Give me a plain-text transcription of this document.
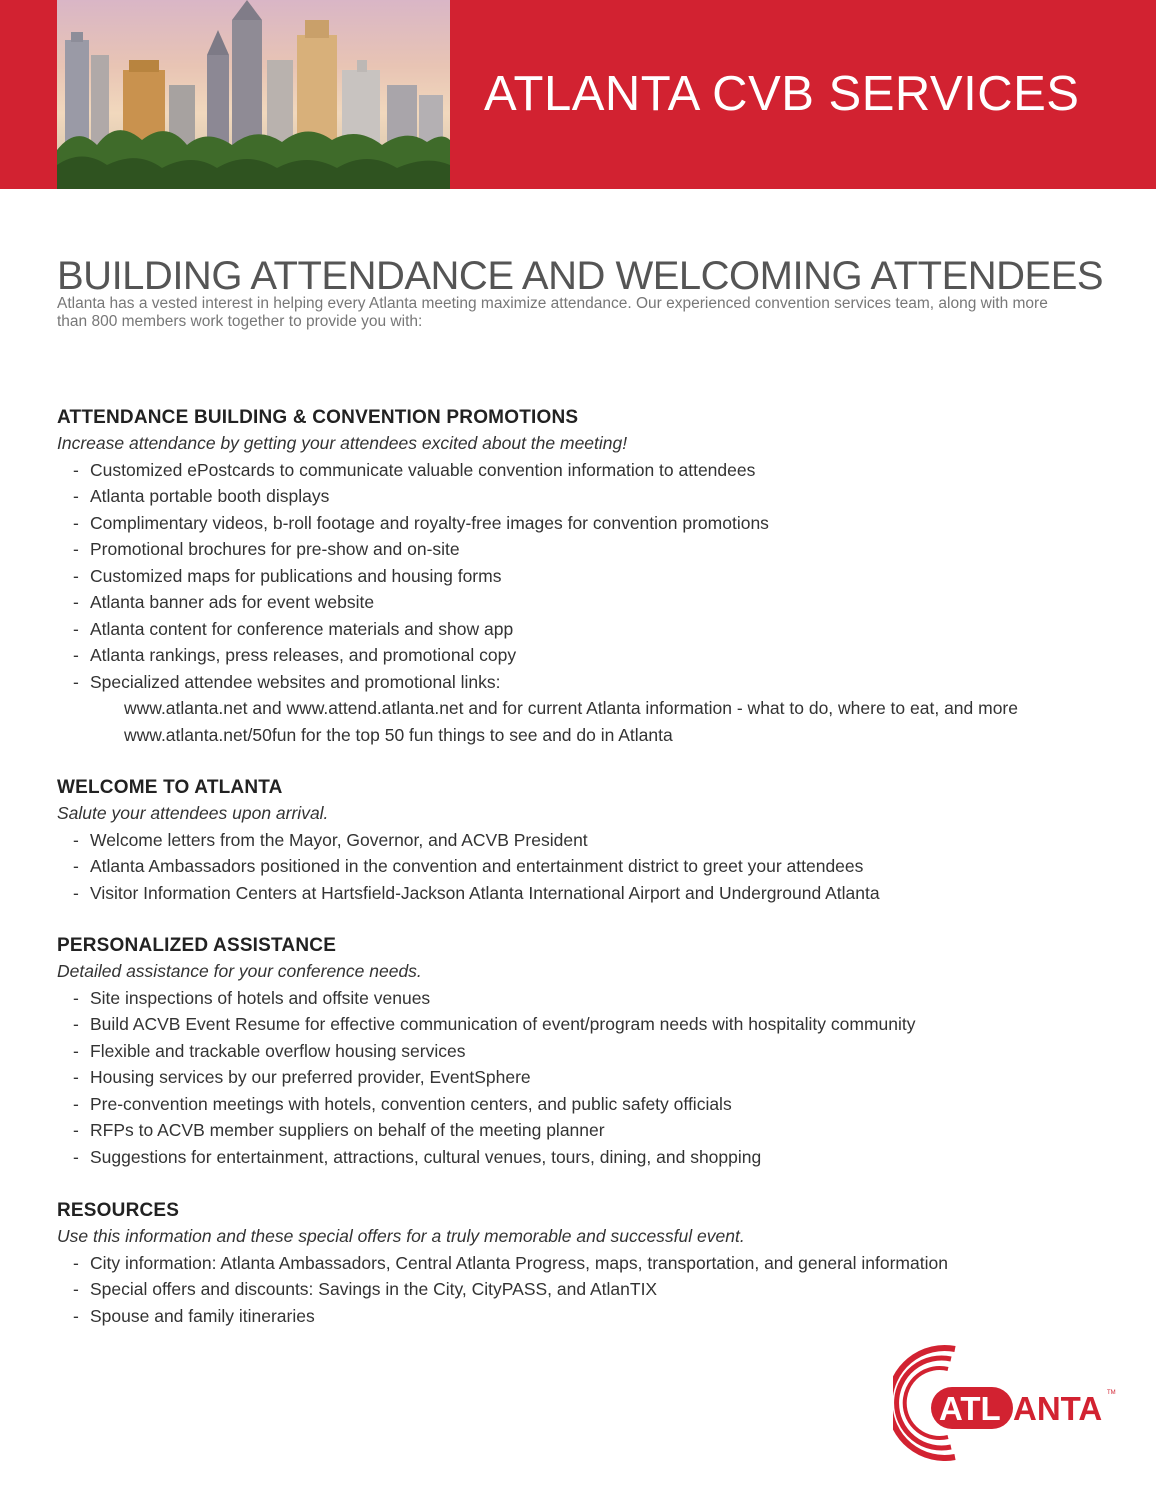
ATLANTA CVB SERVICES
BUILDING ATTENDANCE AND WELCOMING ATTENDEES
Atlanta has a vested interest in helping every Atlanta meeting maximize attendance. Our experienced convention services team, along with more than 800 members work together to provide you with:
ATTENDANCE BUILDING & CONVENTION PROMOTIONS

Increase attendance by getting your attendees excited about the meeting!

- Customized ePostcards to communicate valuable convention information to attendees
- Atlanta portable booth displays
- Complimentary videos, b-roll footage and royalty-free images for convention promotions
- Promotional brochures for pre-show and on-site
- Customized maps for publications and housing forms
- Atlanta banner ads for event website
- Atlanta content for conference materials and show app
- Atlanta rankings, press releases, and promotional copy
- Specialized attendee websites and promotional links:
www.atlanta.net and www.attend.atlanta.net and for current Atlanta information - what to do, where to eat, and more
www.atlanta.net/50fun for the top 50 fun things to see and do in Atlanta
WELCOME TO ATLANTA

Salute your attendees upon arrival.

- Welcome letters from the Mayor, Governor, and ACVB President
- Atlanta Ambassadors positioned in the convention and entertainment district to greet your attendees
- Visitor Information Centers at Hartsfield-Jackson Atlanta International Airport and Underground Atlanta
PERSONALIZED ASSISTANCE

Detailed assistance for your conference needs.

- Site inspections of hotels and offsite venues
- Build ACVB Event Resume for effective communication of event/program needs with hospitality community
- Flexible and trackable overflow housing services
- Housing services by our preferred provider, EventSphere
- Pre-convention meetings with hotels, convention centers, and public safety officials
- RFPs to ACVB member suppliers on behalf of the meeting planner
- Suggestions for entertainment, attractions, cultural venues, tours, dining, and shopping
RESOURCES

Use this information and these special offers for a truly memorable and successful event.

- City information: Atlanta Ambassadors, Central Atlanta Progress, maps, transportation, and general information
- Special offers and discounts: Savings in the City, CityPASS, and AtlanTIX
- Spouse and family itineraries
ATL ANTA TM
